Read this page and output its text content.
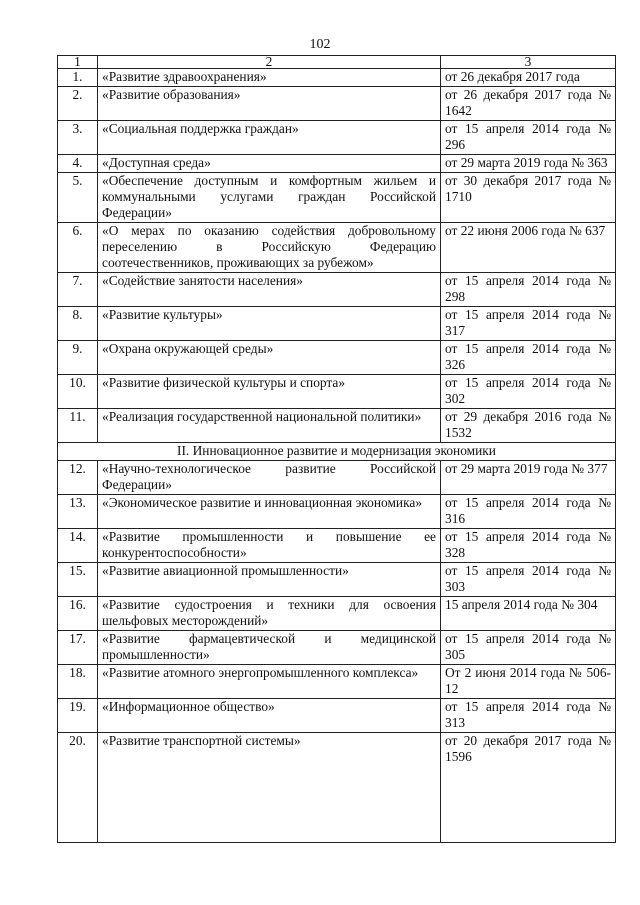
102
1	2	3
1.	«Развитие здравоохранения»	от 26 декабря 2017 года
2.	«Развитие образования»	от 26 декабря 2017 года № 1642
3.	«Социальная поддержка граждан»	от 15 апреля 2014 года № 296
4.	«Доступная среда»	от 29 марта 2019 года № 363
5.	«Обеспечение доступным и комфортным жильем и коммунальными услугами граждан Российской Федерации»	от 30 декабря 2017 года № 1710
6.	«О мерах по оказанию содействия добровольному переселению в Российскую Федерацию соотечественников, проживающих за рубежом»	от 22 июня 2006 года № 637
7.	«Содействие занятости населения»	от 15 апреля 2014 года № 298
8.	«Развитие культуры»	от 15 апреля 2014 года № 317
9.	«Охрана окружающей среды»	от 15 апреля 2014 года № 326
10.	«Развитие физической культуры и спорта»	от 15 апреля 2014 года № 302
11.	«Реализация государственной национальной политики»	от 29 декабря 2016 года № 1532
II. Инновационное развитие и модернизация экономики		
12.	«Научно-технологическое развитие Российской Федерации»	от 29 марта 2019 года № 377
13.	«Экономическое развитие и инновационная экономика»	от 15 апреля 2014 года № 316
14.	«Развитие промышленности и повышение ее конкурентоспособности»	от 15 апреля 2014 года № 328
15.	«Развитие авиационной промышленности»	от 15 апреля 2014 года № 303
16.	«Развитие судостроения и техники для освоения шельфовых месторождений»	15 апреля 2014 года № 304
17.	«Развитие фармацевтической и медицинской промышленности»	от 15 апреля 2014 года № 305
18.	«Развитие атомного энергопромышленного комплекса»	От 2 июня 2014 года № 506-12
19.	«Информационное общество»	от 15 апреля 2014 года № 313
20.	«Развитие транспортной системы»	от 20 декабря 2017 года № 1596
